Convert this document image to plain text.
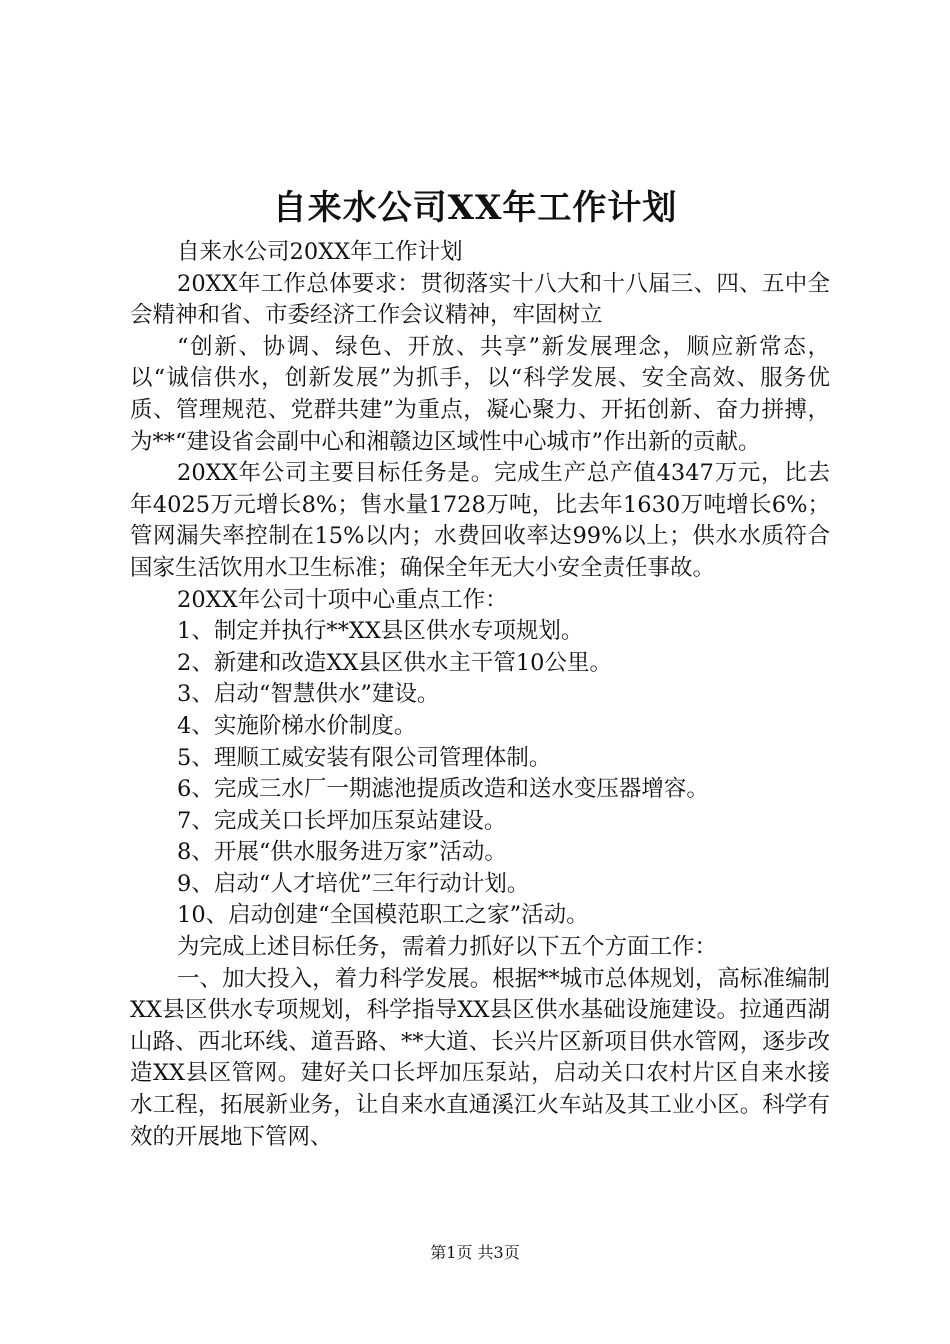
自来水公司XX年工作计划

自来水公司20XX年工作计划

20XX年工作总体要求：贯彻落实十八大和十八届三、四、五中全会精神和省、市委经济工作会议精神，牢固树立

“创新、协调、绿色、开放、共享”新发展理念，顺应新常态，以“诚信供水，创新发展”为抓手，以“科学发展、安全高效、服务优质、管理规范、党群共建”为重点，凝心聚力、开拓创新、奋力拼搏，为**“建设省会副中心和湘赣边区域性中心城市”作出新的贡献。

20XX年公司主要目标任务是。完成生产总产值4347万元，比去年4025万元增长8%；售水量1728万吨，比去年1630万吨增长6%；管网漏失率控制在15%以内；水费回收率达99%以上；供水水质符合国家生活饮用水卫生标准；确保全年无大小安全责任事故。

20XX年公司十项中心重点工作：

1、制定并执行**XX县区供水专项规划。

2、新建和改造XX县区供水主干管10公里。

3、启动“智慧供水”建设。

4、实施阶梯水价制度。

5、理顺工威安装有限公司管理体制。

6、完成三水厂一期滤池提质改造和送水变压器增容。

7、完成关口长坪加压泵站建设。

8、开展“供水服务进万家”活动。

9、启动“人才培优”三年行动计划。

10、启动创建“全国模范职工之家”活动。

为完成上述目标任务，需着力抓好以下五个方面工作：

一、加大投入，着力科学发展。根据**城市总体规划，高标准编制XX县区供水专项规划，科学指导XX县区供水基础设施建设。拉通西湖山路、西北环线、道吾路、**大道、长兴片区新项目供水管网，逐步改造XX县区管网。建好关口长坪加压泵站，启动关口农村片区自来水接水工程，拓展新业务，让自来水直通溪江火车站及其工业小区。科学有效的开展地下管网、

第1页 共3页
